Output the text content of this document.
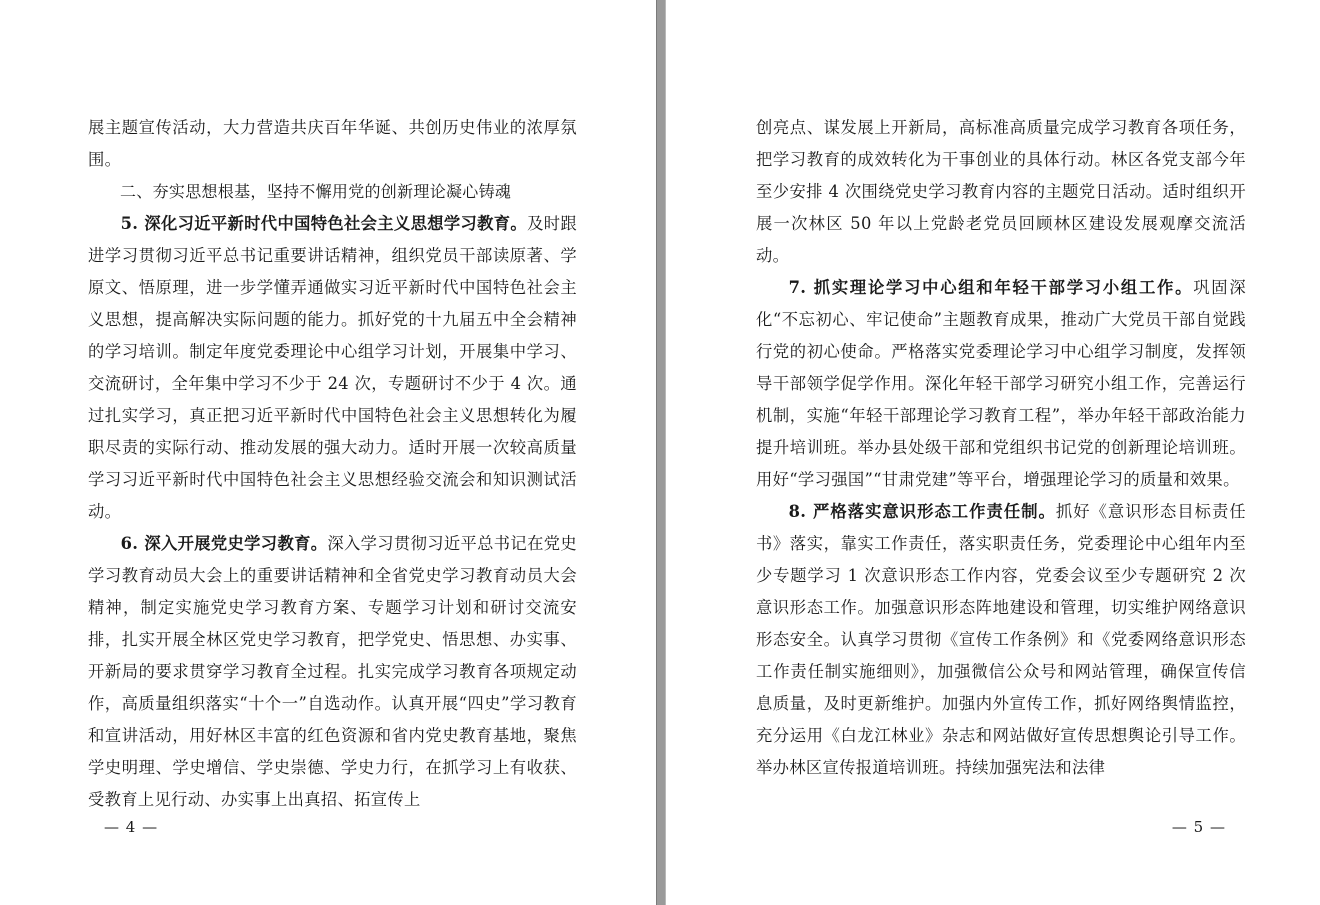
展主题宣传活动，大力营造共庆百年华诞、共创历史伟业的浓厚氛围。

二、夯实思想根基，坚持不懈用党的创新理论凝心铸魂

5. 深化习近平新时代中国特色社会主义思想学习教育。及时跟进学习贯彻习近平总书记重要讲话精神，组织党员干部读原著、学原文、悟原理，进一步学懂弄通做实习近平新时代中国特色社会主义思想，提高解决实际问题的能力。抓好党的十九届五中全会精神的学习培训。制定年度党委理论中心组学习计划，开展集中学习、交流研讨，全年集中学习不少于 24 次，专题研讨不少于 4 次。通过扎实学习，真正把习近平新时代中国特色社会主义思想转化为履职尽责的实际行动、推动发展的强大动力。适时开展一次较高质量学习习近平新时代中国特色社会主义思想经验交流会和知识测试活动。

6. 深入开展党史学习教育。深入学习贯彻习近平总书记在党史学习教育动员大会上的重要讲话精神和全省党史学习教育动员大会精神，制定实施党史学习教育方案、专题学习计划和研讨交流安排，扎实开展全林区党史学习教育，把学党史、悟思想、办实事、开新局的要求贯穿学习教育全过程。扎实完成学习教育各项规定动作，高质量组织落实“十个一”自选动作。认真开展“四史”学习教育和宣讲活动，用好林区丰富的红色资源和省内党史教育基地，聚焦学史明理、学史增信、学史崇德、学史力行，在抓学习上有收获、受教育上见行动、办实事上出真招、拓宣传上

— 4 —

创亮点、谋发展上开新局，高标准高质量完成学习教育各项任务，把学习教育的成效转化为干事创业的具体行动。林区各党支部今年至少安排 4 次围绕党史学习教育内容的主题党日活动。适时组织开展一次林区 50 年以上党龄老党员回顾林区建设发展观摩交流活动。

7. 抓实理论学习中心组和年轻干部学习小组工作。巩固深化“不忘初心、牢记使命”主题教育成果，推动广大党员干部自觉践行党的初心使命。严格落实党委理论学习中心组学习制度，发挥领导干部领学促学作用。深化年轻干部学习研究小组工作，完善运行机制，实施“年轻干部理论学习教育工程”，举办年轻干部政治能力提升培训班。举办县处级干部和党组织书记党的创新理论培训班。用好“学习强国”“甘肃党建”等平台，增强理论学习的质量和效果。

8. 严格落实意识形态工作责任制。抓好《意识形态目标责任书》落实，靠实工作责任，落实职责任务，党委理论中心组年内至少专题学习 1 次意识形态工作内容，党委会议至少专题研究 2 次意识形态工作。加强意识形态阵地建设和管理，切实维护网络意识形态安全。认真学习贯彻《宣传工作条例》和《党委网络意识形态工作责任制实施细则》，加强微信公众号和网站管理，确保宣传信息质量，及时更新维护。加强内外宣传工作，抓好网络舆情监控，充分运用《白龙江林业》杂志和网站做好宣传思想舆论引导工作。举办林区宣传报道培训班。持续加强宪法和法律

— 5 —
